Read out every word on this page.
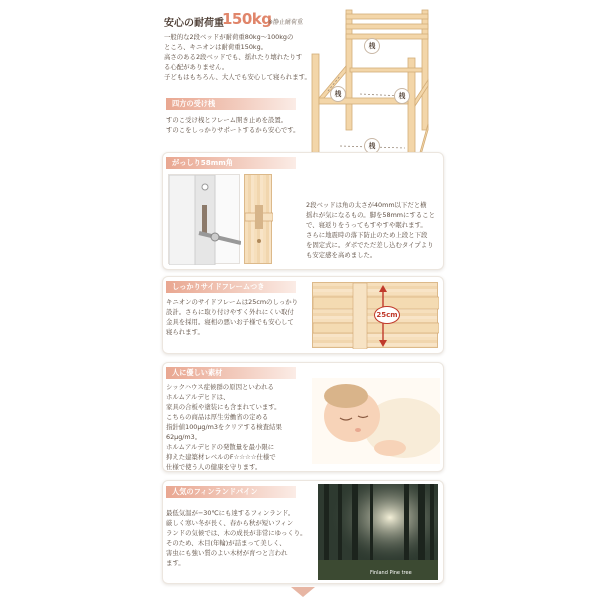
安心の耐荷重
150kg
※静止耐荷重
一般的な2段ベッドが耐荷重80kg～100kgの
ところ、キニオンは耐荷重150kg。
高さのある2段ベッドでも、揺れたり壊れたりす
る心配がありません。
子どもはもちろん、大人でも安心して寝られます。
桟
桟	桟
桟
四方の受け桟
すのこ受け桟とフレーム開き止めを設置。
すのこをしっかりサポートするから安心です。
がっしり58mm角
2段ベッドは角の太さが40mm以下だと横
揺れが気になるもの。脚を58mmにすること
で、寝返りをうってもすやすや眠れます。
さらに地震時の落下防止のため上段と下段
を固定式に。ダボでただ差し込むタイプより
も安定感を高めました。
しっかりサイドフレームつき
キニオンのサイドフレームは25cmのしっかり
設計。さらに取り付けやすく外れにくい取付
金具を採用。寝相の悪いお子様でも安心して
寝られます。
25cm
人に優しい素材
シックハウス症候群の原因といわれる
ホルムアルデヒドは、
家具の合板や塗装にも含まれています。
こちらの商品は厚生労働省の定める
指針値100μg/m3をクリアする検査結果
62μg/m3。
ホルムアルデヒドの発散量を最小限に
抑えた建築材レベルのF☆☆☆☆仕様で
仕様で使う人の健康を守ります。
人気のフィンランドパイン
最低気温が−30℃にも達するフィンランド。
厳しく寒い冬が長く、春から秋が短いフィン
ランドの気候では、木の成長が非常にゆっくり。
そのため、木目(年輪)が詰まって美しく、
害虫にも強い質のよい木材が育つと言われ
ます。
Finland Pine tree
